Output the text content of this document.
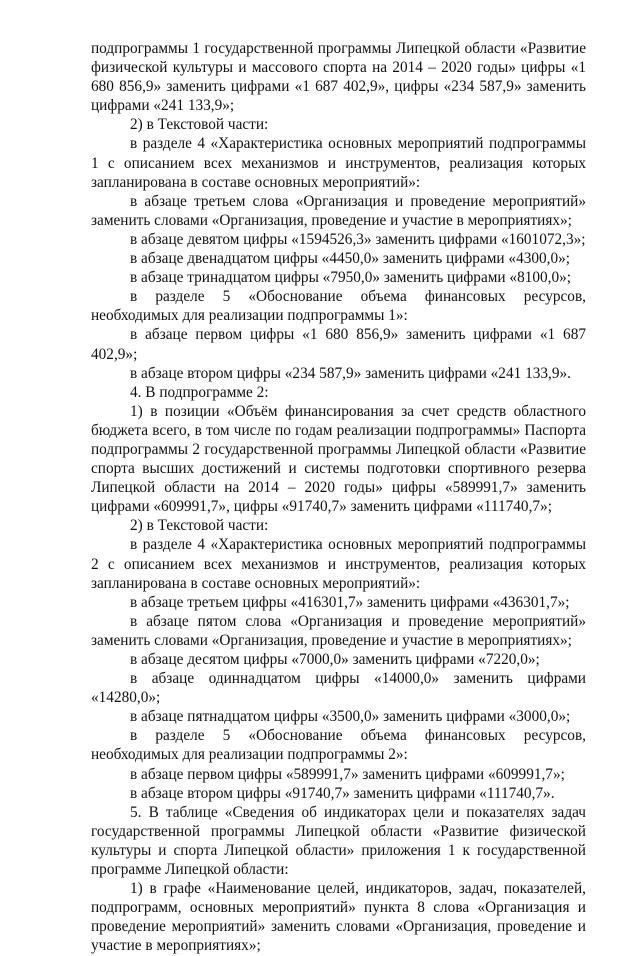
подпрограммы 1 государственной программы Липецкой области «Развитие физической культуры и массового спорта на 2014 – 2020 годы» цифры «1 680 856,9» заменить цифрами «1 687 402,9», цифры «234 587,9» заменить цифрами «241 133,9»;

2) в Текстовой части:

в разделе 4 «Характеристика основных мероприятий подпрограммы 1 с описанием всех механизмов и инструментов, реализация которых запланирована в составе основных мероприятий»:

в абзаце третьем слова «Организация и проведение мероприятий» заменить словами «Организация, проведение и участие в мероприятиях»;

в абзаце девятом цифры «1594526,3» заменить цифрами «1601072,3»;

в абзаце двенадцатом цифры «4450,0» заменить цифрами «4300,0»;

в абзаце тринадцатом цифры «7950,0» заменить цифрами «8100,0»;

в разделе 5 «Обоснование объема финансовых ресурсов, необходимых для реализации подпрограммы 1»:

в абзаце первом цифры «1 680 856,9» заменить цифрами «1 687 402,9»;

в абзаце втором цифры «234 587,9» заменить цифрами «241 133,9».

4. В подпрограмме 2:

1) в позиции «Объём финансирования за счет средств областного бюджета всего, в том числе по годам реализации подпрограммы» Паспорта подпрограммы 2 государственной программы Липецкой области «Развитие спорта высших достижений и системы подготовки спортивного резерва Липецкой области на 2014 – 2020 годы» цифры «589991,7» заменить цифрами «609991,7», цифры «91740,7» заменить цифрами «111740,7»;

2) в Текстовой части:

в разделе 4 «Характеристика основных мероприятий подпрограммы 2 с описанием всех механизмов и инструментов, реализация которых запланирована в составе основных мероприятий»:

в абзаце третьем цифры «416301,7» заменить цифрами «436301,7»;

в абзаце пятом слова «Организация и проведение мероприятий» заменить словами «Организация, проведение и участие в мероприятиях»;

в абзаце десятом цифры «7000,0» заменить цифрами «7220,0»;

в абзаце одиннадцатом цифры «14000,0» заменить цифрами «14280,0»;

в абзаце пятнадцатом цифры «3500,0» заменить цифрами «3000,0»;

в разделе 5 «Обоснование объема финансовых ресурсов, необходимых для реализации подпрограммы 2»:

в абзаце первом цифры «589991,7» заменить цифрами «609991,7»;

в абзаце втором цифры «91740,7» заменить цифрами «111740,7».

5. В таблице «Сведения об индикаторах цели и показателях задач государственной программы Липецкой области «Развитие физической культуры и спорта Липецкой области» приложения 1 к государственной программе Липецкой области:

1) в графе «Наименование целей, индикаторов, задач, показателей, подпрограмм, основных мероприятий» пункта 8 слова «Организация и проведение мероприятий» заменить словами «Организация, проведение и участие в мероприятиях»;
